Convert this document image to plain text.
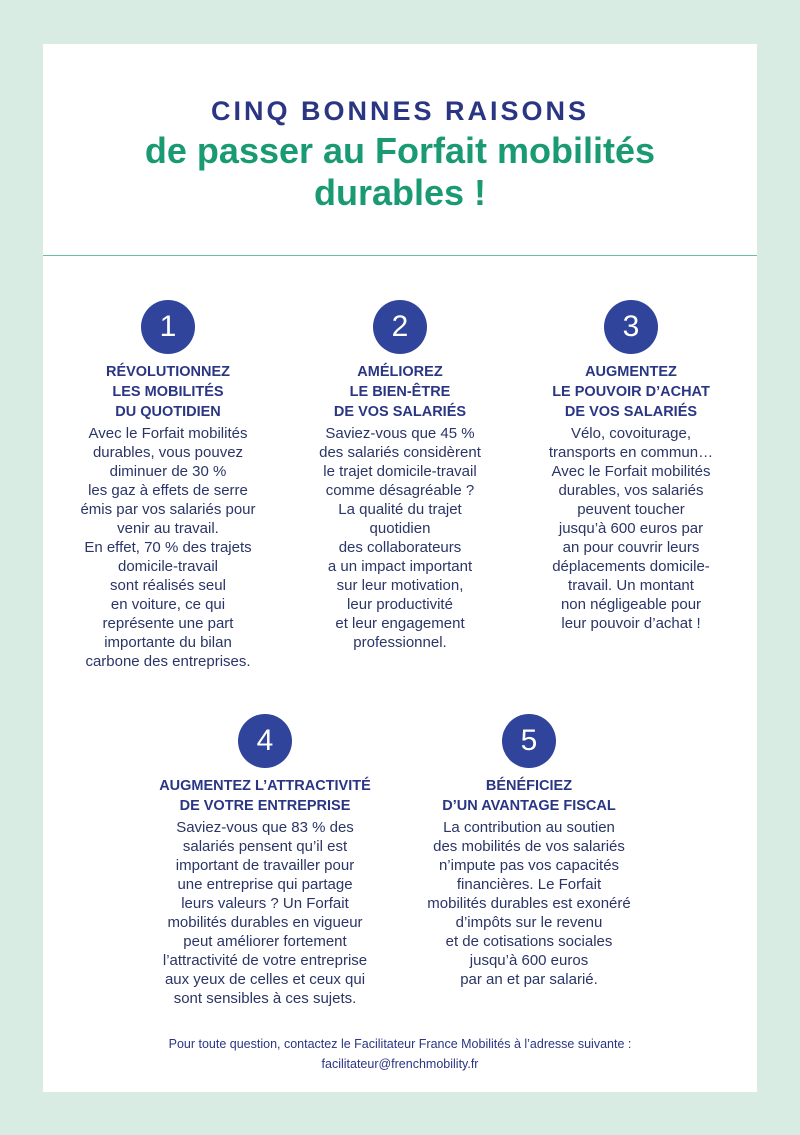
CINQ BONNES RAISONS
de passer au Forfait mobilités
durables !
1
RÉVOLUTIONNEZ
LES MOBILITÉS
DU QUOTIDIEN
Avec le Forfait mobilités
durables, vous pouvez
diminuer de 30 %
les gaz à effets de serre
émis par vos salariés pour
venir au travail.
En effet, 70 % des trajets
domicile-travail
sont réalisés seul
en voiture, ce qui
représente une part
importante du bilan
carbone des entreprises.
2
AMÉLIOREZ
LE BIEN-ÊTRE
DE VOS SALARIÉS
Saviez-vous que 45 %
des salariés considèrent
le trajet domicile-travail
comme désagréable ?
La qualité du trajet
quotidien
des collaborateurs
a un impact important
sur leur motivation,
leur productivité
et leur engagement
professionnel.
3
AUGMENTEZ
LE POUVOIR D’ACHAT
DE VOS SALARIÉS
Vélo, covoiturage,
transports en commun…
Avec le Forfait mobilités
durables, vos salariés
peuvent toucher
jusqu’à 600 euros par
an pour couvrir leurs
déplacements domicile-
travail. Un montant
non négligeable pour
leur pouvoir d’achat !
4
AUGMENTEZ L’ATTRACTIVITÉ
DE VOTRE ENTREPRISE
Saviez-vous que 83 % des
salariés pensent qu’il est
important de travailler pour
une entreprise qui partage
leurs valeurs ? Un Forfait
mobilités durables en vigueur
peut améliorer fortement
l’attractivité de votre entreprise
aux yeux de celles et ceux qui
sont sensibles à ces sujets.
5
BÉNÉFICIEZ
D’UN AVANTAGE FISCAL
La contribution au soutien
des mobilités de vos salariés
n’impute pas vos capacités
financières. Le Forfait
mobilités durables est exonéré
d’impôts sur le revenu
et de cotisations sociales
jusqu’à 600 euros
par an et par salarié.
Pour toute question, contactez le Facilitateur France Mobilités à l’adresse suivante :
facilitateur@frenchmobility.fr
